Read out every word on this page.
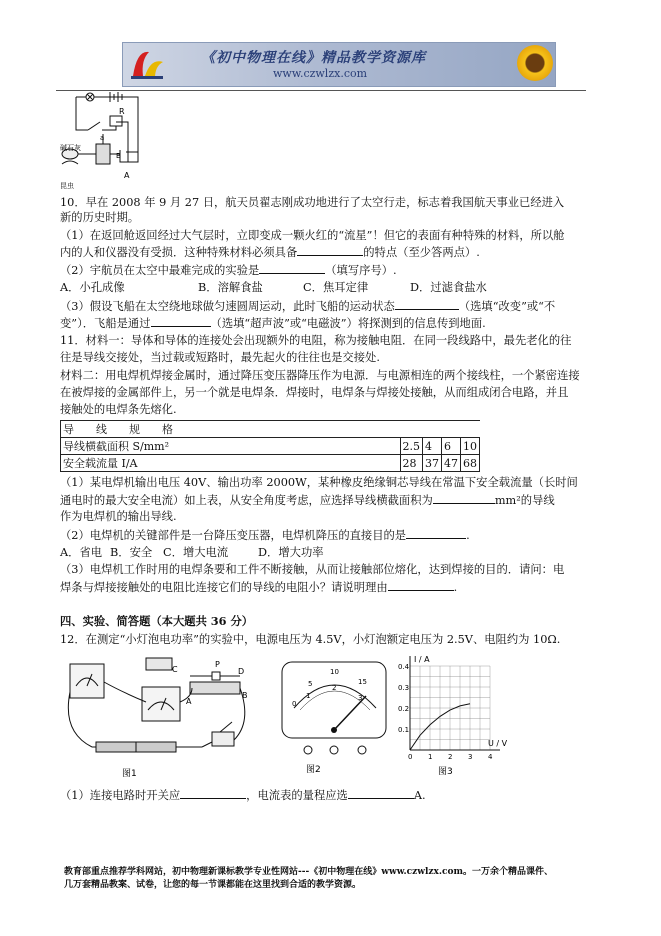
《初中物理在线》精品教学资源库
www.czwlzx.com
R
A
B
a
碱石灰
昆虫
10．早在 2008 年 9 月 27 日，航天员翟志刚成功地进行了太空行走，标志着我国航天事业已经进入
新的历史时期。
（1）在返回舱返回经过大气层时，立即变成一颗火红的“流星”！但它的表面有种特殊的材料，所以舱
内的人和仪器没有受损．这种特殊材料必须具备	的特点（至少答两点）.
（2）宇航员在太空中最难完成的实验是	（填写序号）.
A．小孔成像	B．溶解食盐	C．焦耳定律	D．过滤食盐水
（3）假设飞船在太空绕地球做匀速圆周运动，此时飞船的运动状态	（选填“改变”或“不
变”）．飞船是通过	（选填“超声波”或“电磁波”）将探测到的信息传到地面.
11．材料一：导体和导体的连接处会出现额外的电阻，称为接触电阻．在同一段线路中，最先老化的往
往是导线交接处，当过载或短路时，最先起火的往往也是交接处.
材料二：用电焊机焊接金属时，通过降压变压器降压作为电源．与电源相连的两个接线柱，一个紧密连接
在被焊接的金属部件上，另一个就是电焊条．焊接时，电焊条与焊接处接触，从而组成闭合电路，并且
接触处的电焊条先熔化.
导　　线　　规　　格				
导线横截面积 S/mm²	2.5	4	6	10
安全载流量 I/A	28	37	47	68
（1）某电焊机输出电压 40V、输出功率 2000W，某种橡皮绝缘铜芯导线在常温下安全载流量（长时间
通电时的最大安全电流）如上表，从安全角度考虑，应选择导线横截面积为	mm²的导线
作为电焊机的输出导线.
（2）电焊机的关键部件是一台降压变压器，电焊机降压的直接目的是	.
A．省电 B．安全 C．增大电流	D．增大功率
（3）电焊机工作时用的电焊条要和工件不断接触，从而让接触部位熔化，达到焊接的目的．请问：电
焊条与焊接接触处的电阻比连接它们的导线的电阻小？请说明理由	.
四、实验、简答题（本大题共 36 分）
12．在测定“小灯泡电功率”的实验中，电源电压为 4.5V，小灯泡额定电压为 2.5V、电阻约为 10Ω.
C
P
D
A
B
图1
0
5
10
15
1
2
3
图2
I / A
U / V
0 1 2 3 4
0.1
0.2
0.3
0.4
图3
（1）连接电路时开关应	，电流表的量程应选	A.
教育部重点推荐学科网站，初中物理新课标教学专业性网站---《初中物理在线》www.czwlzx.com。一万余个精品课件、
几万套精品教案、试卷，让您的每一节课都能在这里找到合适的教学资源。
